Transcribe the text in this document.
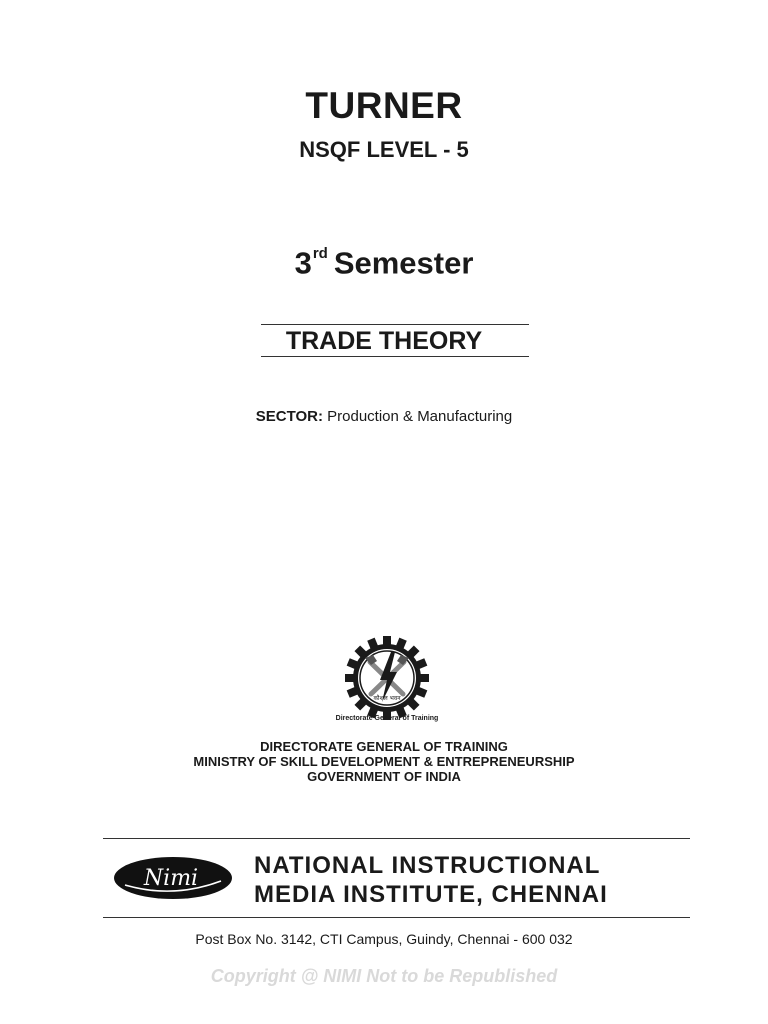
TURNER
NSQF LEVEL - 5
3rd Semester
TRADE THEORY
SECTOR: Production & Manufacturing
कौशल भवन
Directorate General of Training
DIRECTORATE GENERAL OF TRAINING
MINISTRY OF SKILL DEVELOPMENT & ENTREPRENEURSHIP
GOVERNMENT OF INDIA
Nimi NATIONAL INSTRUCTIONAL
MEDIA INSTITUTE, CHENNAI
Post Box No. 3142, CTI Campus, Guindy, Chennai - 600 032
Copyright @ NIMI Not to be Republished
